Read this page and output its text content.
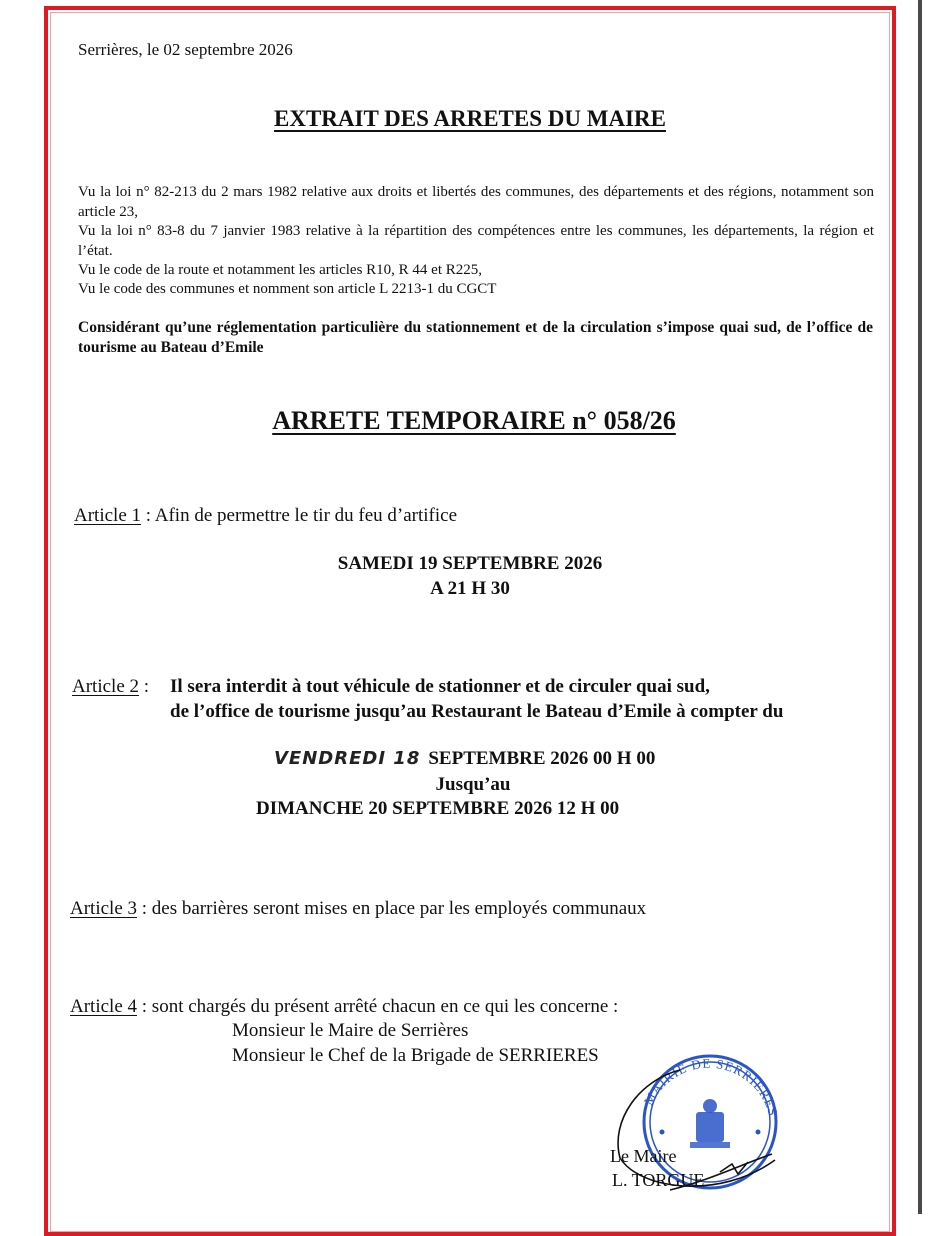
Serrières, le 02 septembre 2026
EXTRAIT DES ARRETES DU MAIRE
Vu la loi n° 82-213 du 2 mars 1982 relative aux droits et libertés des communes, des départements et des régions, notamment son article 23,
Vu la loi n° 83-8 du 7 janvier 1983 relative à la répartition des compétences entre les communes, les départements, la région et l’état.
Vu le code de la route et notamment les articles R10, R 44 et R225,
Vu le code des communes et nomment son article L 2213-1 du CGCT
Considérant qu’une réglementation particulière du stationnement et de la circulation s’impose quai sud, de l’office de tourisme au Bateau d’Emile
ARRETE TEMPORAIRE n° 058/26
Article 1 : Afin de permettre le tir du feu d’artifice
SAMEDI 19 SEPTEMBRE 2026
A 21 H 30
Article 2 : Il sera interdit à tout véhicule de stationner et de circuler quai sud,
de l’office de tourisme jusqu’au Restaurant le Bateau d’Emile à compter du
VENDREDI 18 SEPTEMBRE 2026 00 H 00
Jusqu’au
DIMANCHE 20 SEPTEMBRE 2026 12 H 00
Article 3 : des barrières seront mises en place par les employés communaux
Article 4 : sont chargés du présent arrêté chacun en ce qui les concerne :
Monsieur le Maire de Serrières
Monsieur le Chef de la Brigade de SERRIERES
MAIRIE DE SERRIERES
Le Maire
L. TORGUE
